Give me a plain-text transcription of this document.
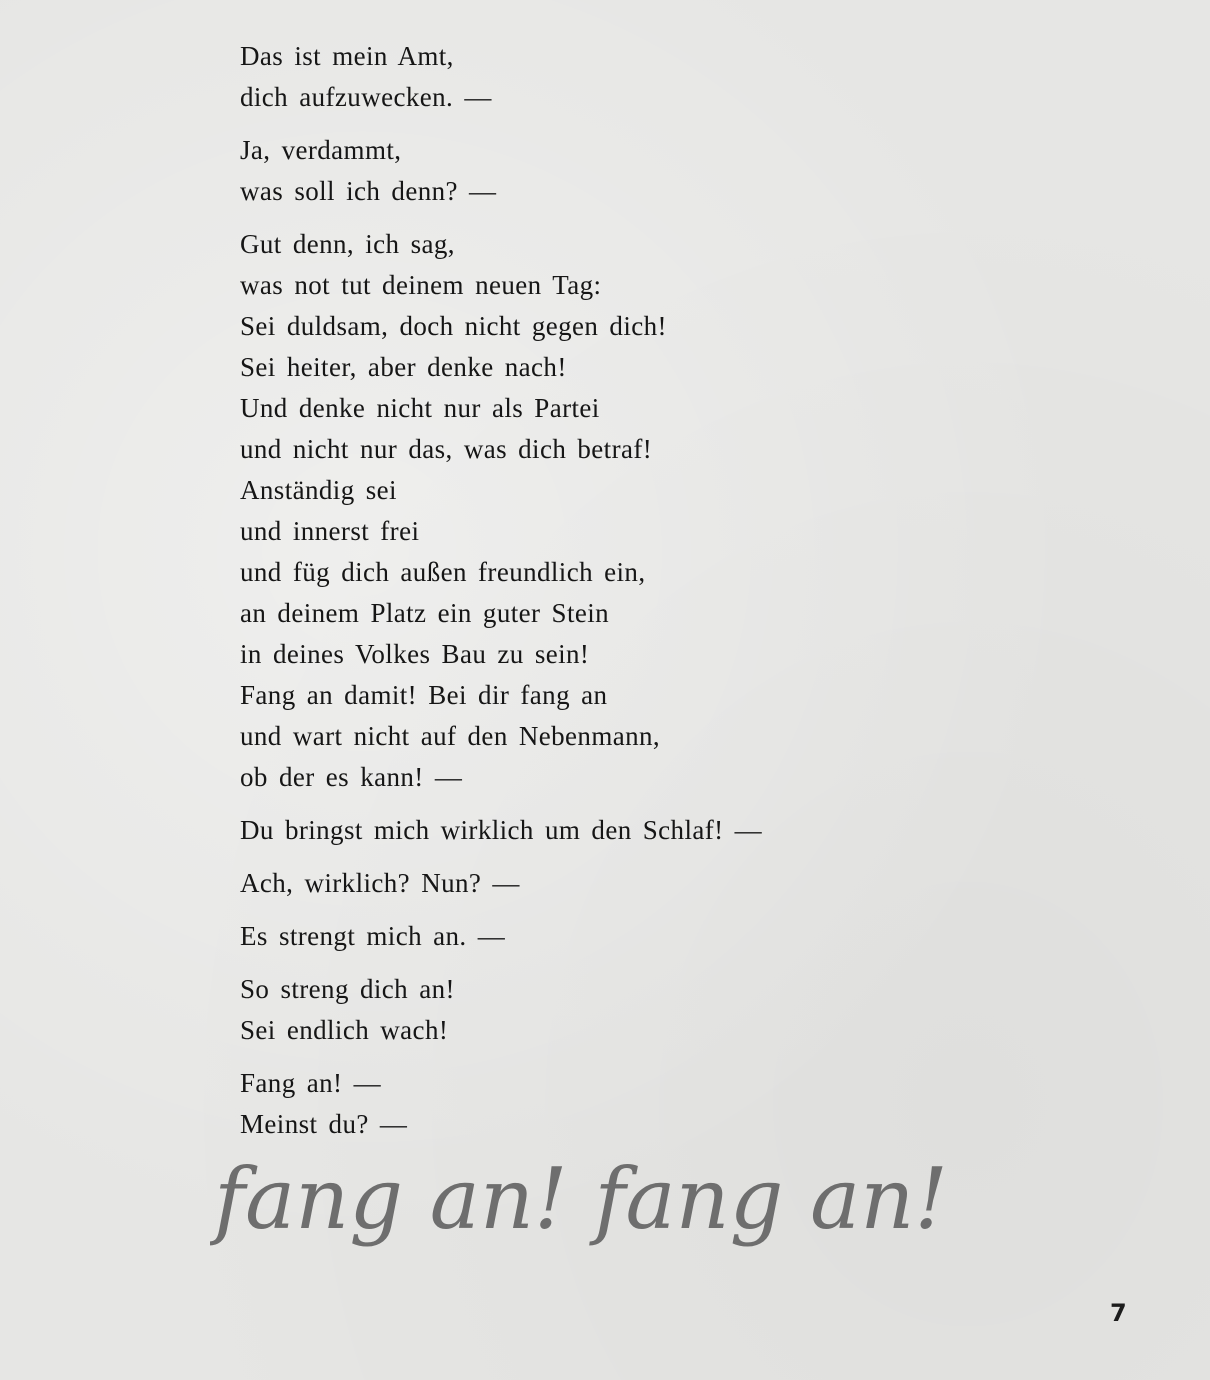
Das ist mein Amt,
dich aufzuwecken. —
Ja, verdammt,
was soll ich denn? —
Gut denn, ich sag,
was not tut deinem neuen Tag:
Sei duldsam, doch nicht gegen dich!
Sei heiter, aber denke nach!
Und denke nicht nur als Partei
und nicht nur das, was dich betraf!
Anständig sei
und innerst frei
und füg dich außen freundlich ein,
an deinem Platz ein guter Stein
in deines Volkes Bau zu sein!
Fang an damit! Bei dir fang an
und wart nicht auf den Nebenmann,
ob der es kann! —
Du bringst mich wirklich um den Schlaf! —
Ach, wirklich? Nun? —
Es strengt mich an. —
So streng dich an!
Sei endlich wach!
Fang an! —
Meinst du? —
fang an! fang an!
7
